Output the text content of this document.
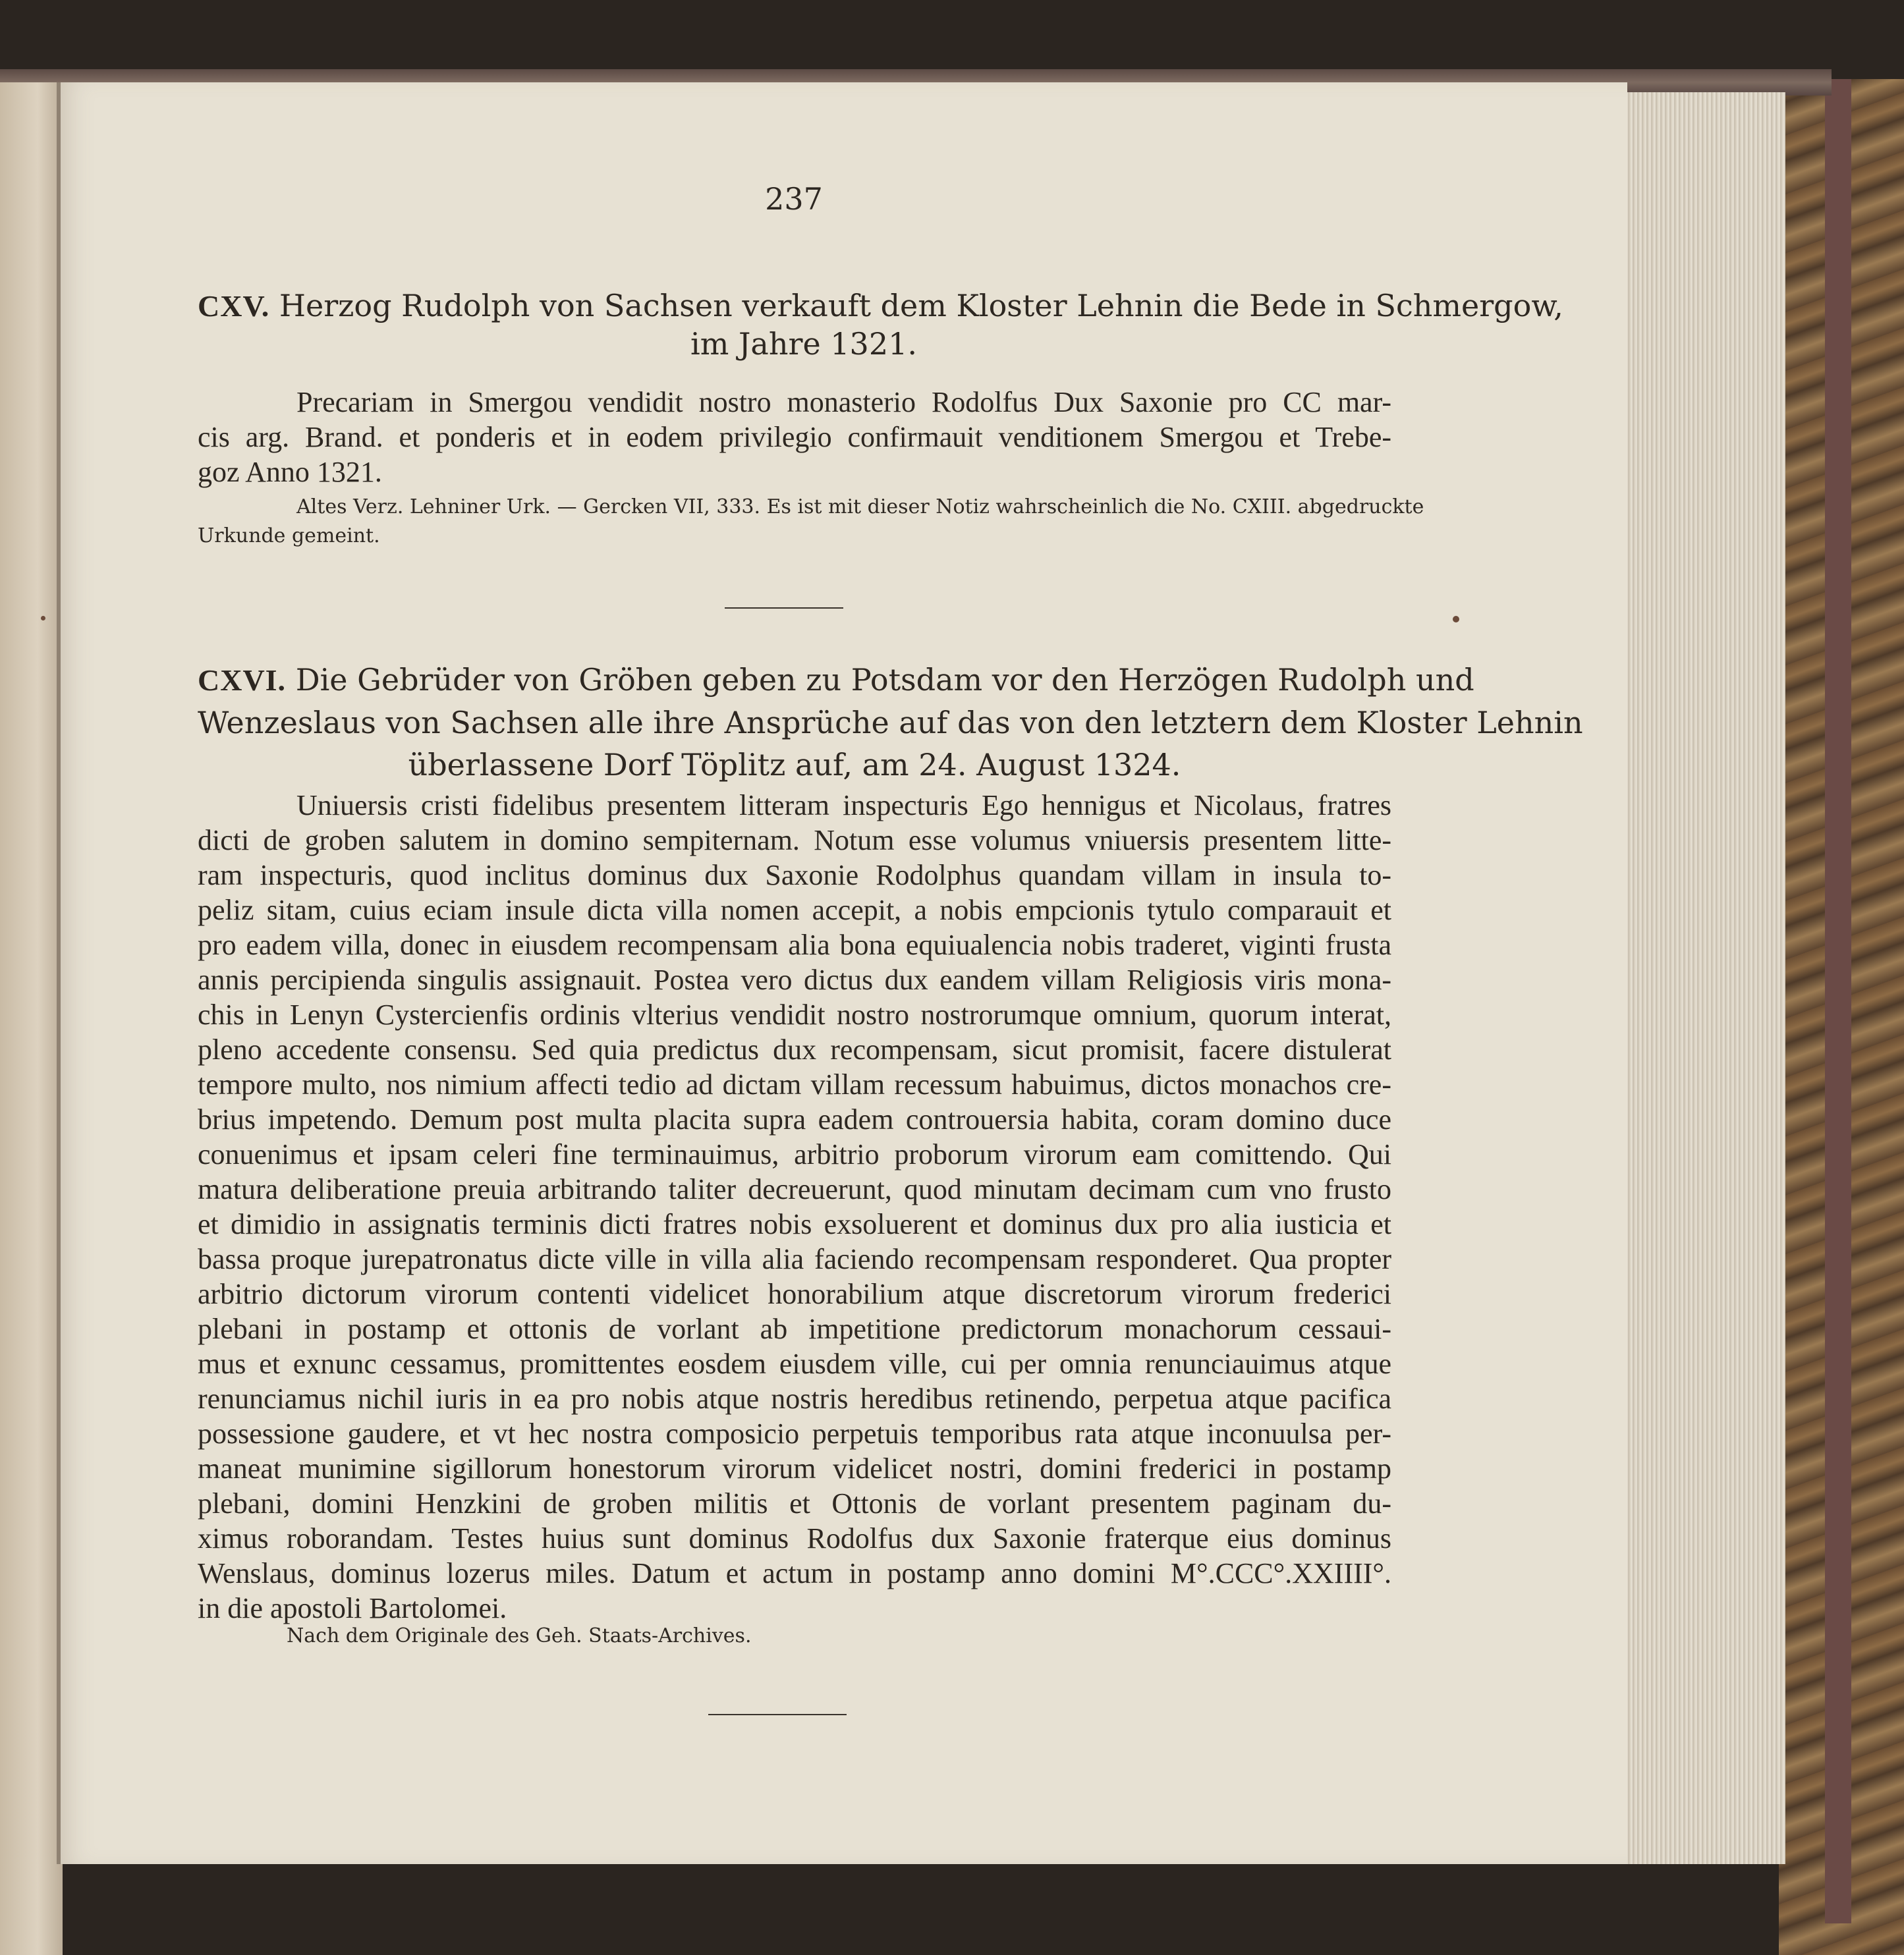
237
CXV. Herzog Rudolph von Sachsen verkauft dem Kloster Lehnin die Bede in Schmergow,
im Jahre 1321.
Precariam in Smergou vendidit nostro monasterio Rodolfus Dux Saxonie pro CC mar-
cis arg. Brand. et ponderis et in eodem privilegio confirmauit venditionem Smergou et Trebe-
goz Anno 1321.
Altes Verz. Lehniner Urk. — Gercken VII, 333. Es ist mit dieser Notiz wahrscheinlich die No. CXIII. abgedruckte
Urkunde gemeint.
CXVI. Die Gebrüder von Gröben geben zu Potsdam vor den Herzögen Rudolph und
Wenzeslaus von Sachsen alle ihre Ansprüche auf das von den letztern dem Kloster Lehnin
überlassene Dorf Töplitz auf, am 24. August 1324.
Uniuersis cristi fidelibus presentem litteram inspecturis Ego hennigus et Nicolaus, fratres
dicti de groben salutem in domino sempiternam. Notum esse volumus vniuersis presentem litte-
ram inspecturis, quod inclitus dominus dux Saxonie Rodolphus quandam villam in insula to-
peliz sitam, cuius eciam insule dicta villa nomen accepit, a nobis empcionis tytulo comparauit et
pro eadem villa, donec in eiusdem recompensam alia bona equiualencia nobis traderet, viginti frusta
annis percipienda singulis assignauit. Postea vero dictus dux eandem villam Religiosis viris mona-
chis in Lenyn Cystercienfis ordinis vlterius vendidit nostro nostrorumque omnium, quorum interat,
pleno accedente consensu. Sed quia predictus dux recompensam, sicut promisit, facere distulerat
tempore multo, nos nimium affecti tedio ad dictam villam recessum habuimus, dictos monachos cre-
brius impetendo. Demum post multa placita supra eadem controuersia habita, coram domino duce
conuenimus et ipsam celeri fine terminauimus, arbitrio proborum virorum eam comittendo. Qui
matura deliberatione preuia arbitrando taliter decreuerunt, quod minutam decimam cum vno frusto
et dimidio in assignatis terminis dicti fratres nobis exsoluerent et dominus dux pro alia iusticia et
bassa proque jurepatronatus dicte ville in villa alia faciendo recompensam responderet. Qua propter
arbitrio dictorum virorum contenti videlicet honorabilium atque discretorum virorum frederici
plebani in postamp et ottonis de vorlant ab impetitione predictorum monachorum cessaui-
mus et exnunc cessamus, promittentes eosdem eiusdem ville, cui per omnia renunciauimus atque
renunciamus nichil iuris in ea pro nobis atque nostris heredibus retinendo, perpetua atque pacifica
possessione gaudere, et vt hec nostra composicio perpetuis temporibus rata atque inconuulsa per-
maneat munimine sigillorum honestorum virorum videlicet nostri, domini frederici in postamp
plebani, domini Henzkini de groben militis et Ottonis de vorlant presentem paginam du-
ximus roborandam. Testes huius sunt dominus Rodolfus dux Saxonie fraterque eius dominus
Wenslaus, dominus lozerus miles. Datum et actum in postamp anno domini M°.CCC°.XXIIII°.
in die apostoli Bartolomei.
Nach dem Originale des Geh. Staats-Archives.
